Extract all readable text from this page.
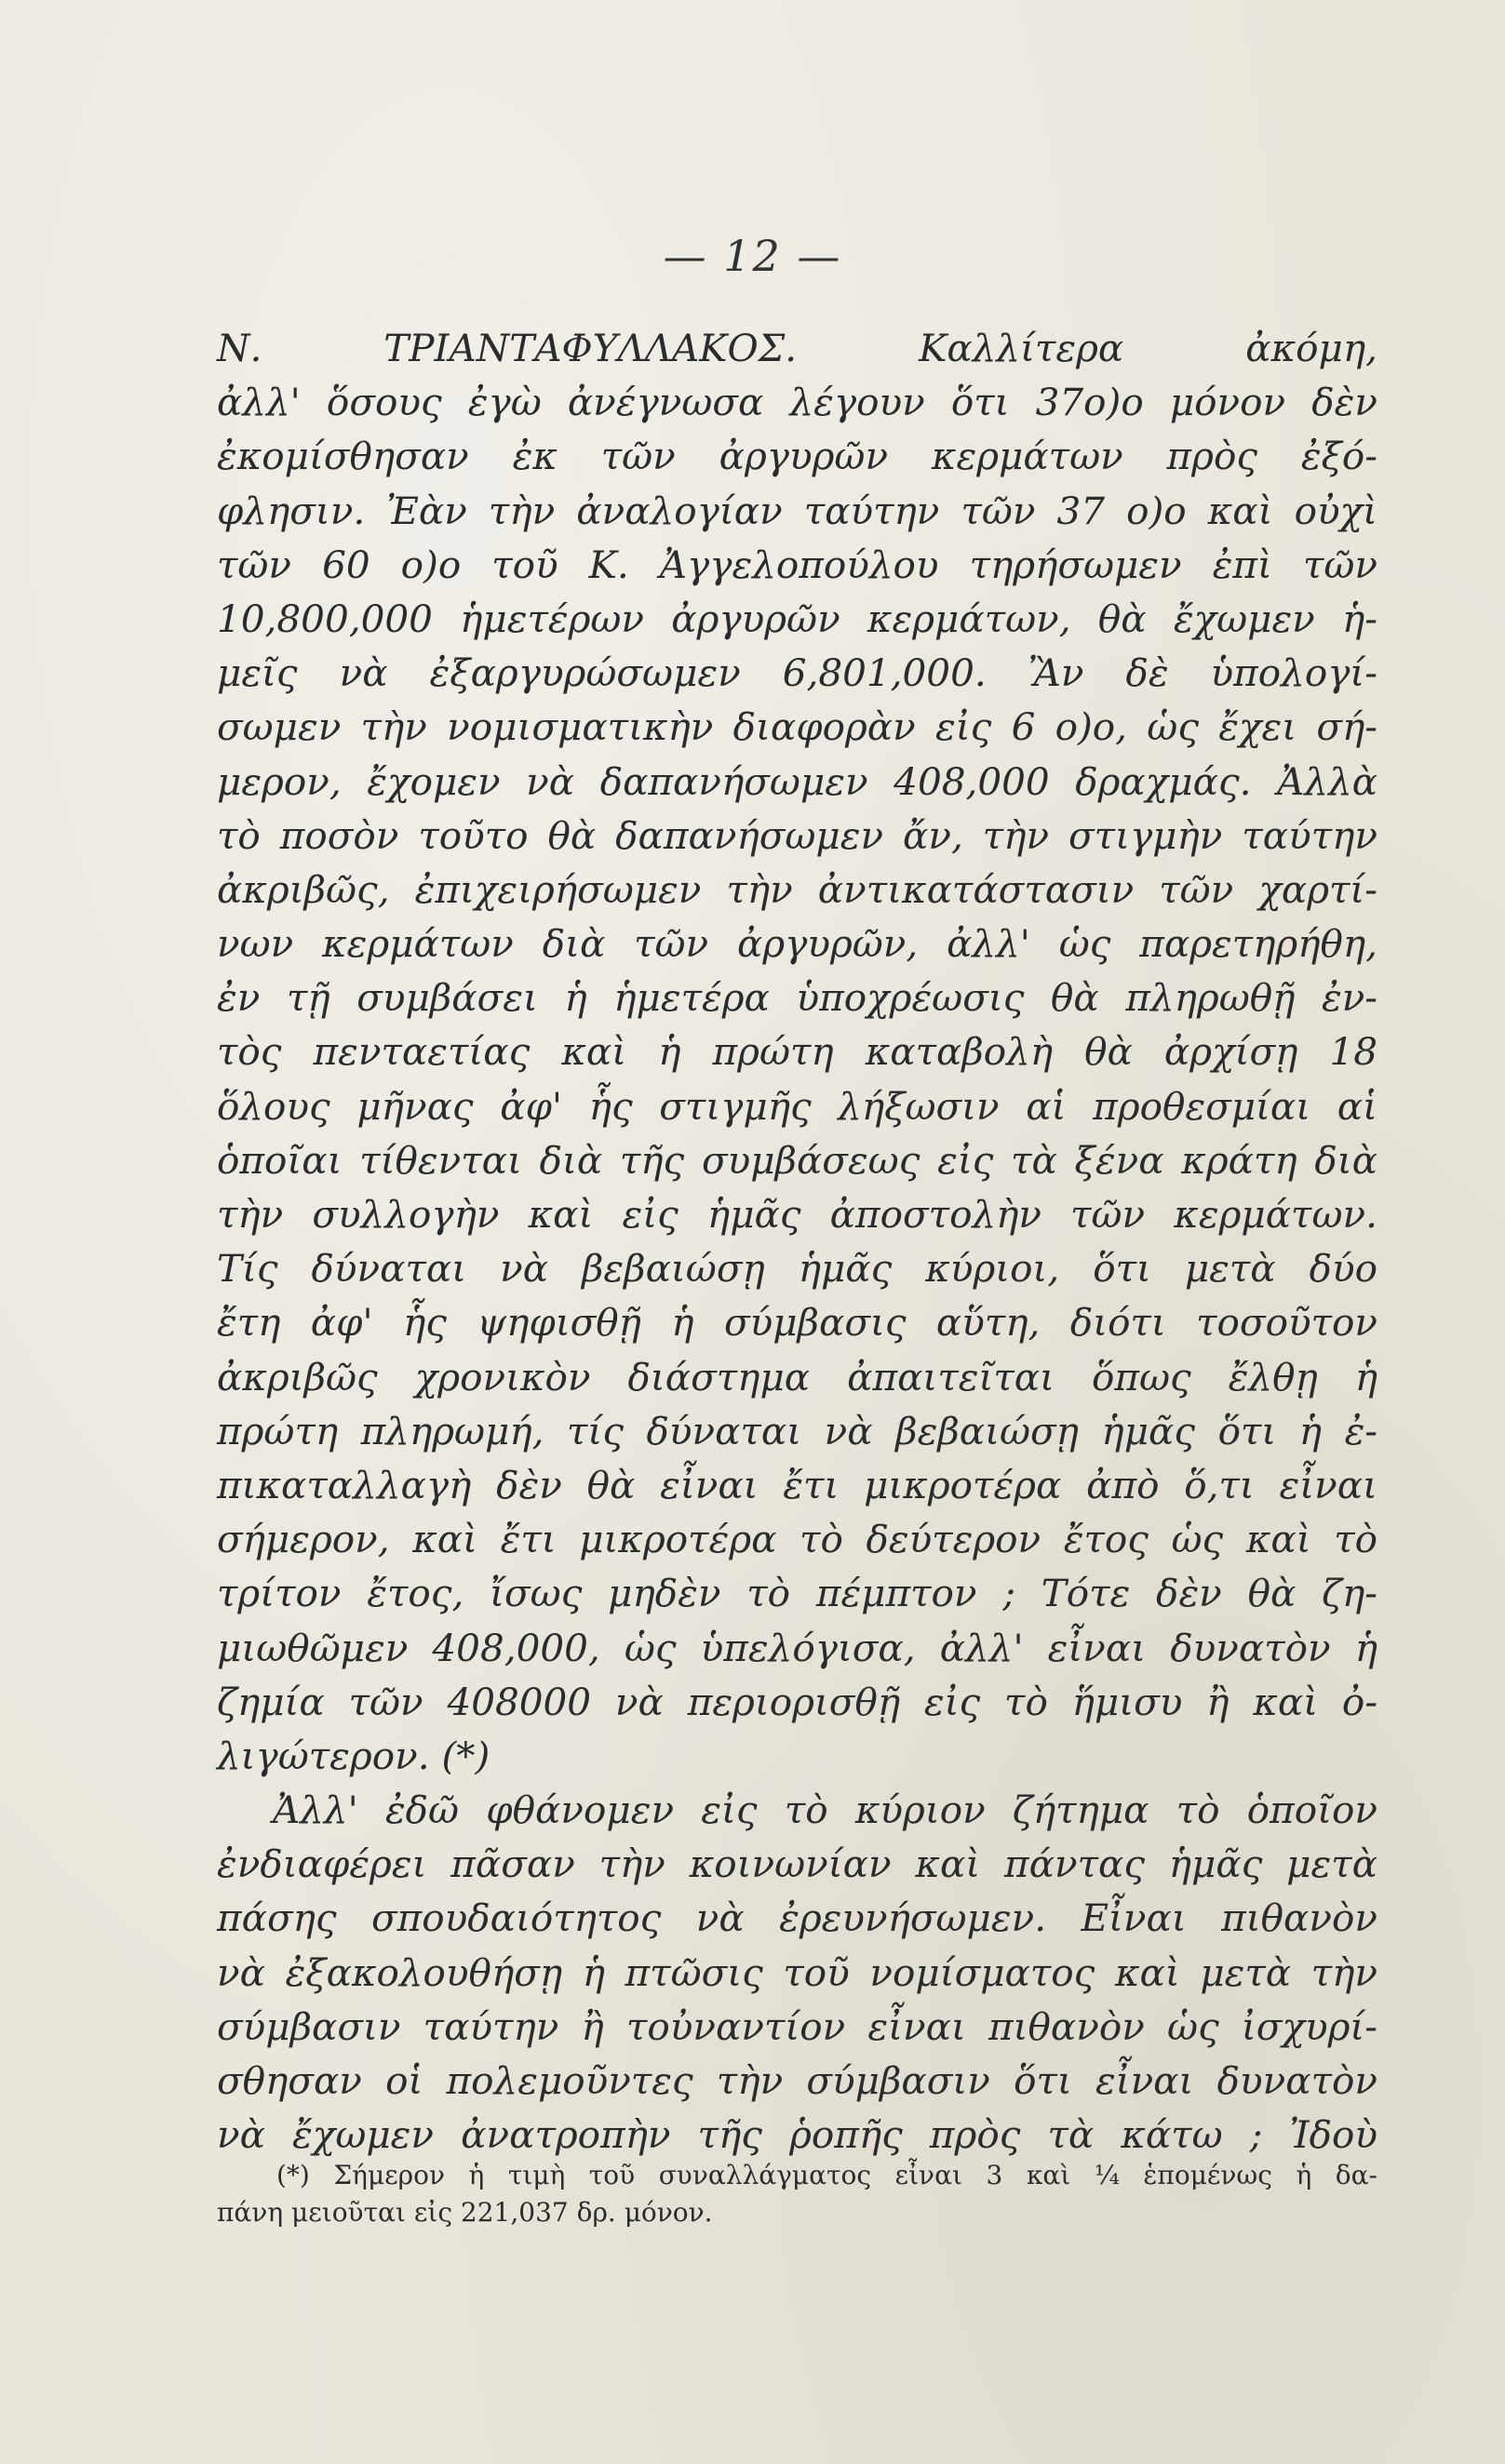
— 12 —
Ν. ΤΡΙΑΝΤΑΦΥΛΛΑΚΟΣ. Καλλίτερα ἀκόμη,
ἀλλ' ὅσους ἐγὼ ἀνέγνωσα λέγουν ὅτι 37ο)ο μόνον δὲν
ἐκομίσθησαν ἐκ τῶν ἀργυρῶν κερμάτων πρὸς ἐξό-
φλησιν. Ἐὰν τὴν ἀναλογίαν ταύτην τῶν 37 ο)ο καὶ οὐχὶ
τῶν 60 ο)ο τοῦ Κ. Ἀγγελοπούλου τηρήσωμεν ἐπὶ τῶν
10,800,000 ἡμετέρων ἀργυρῶν κερμάτων, θὰ ἔχωμεν ἡ-
μεῖς νὰ ἐξαργυρώσωμεν 6,801,000. Ἂν δὲ ὑπολογί-
σωμεν τὴν νομισματικὴν διαφορὰν εἰς 6 ο)ο, ὡς ἔχει σή-
μερον, ἔχομεν νὰ δαπανήσωμεν 408,000 δραχμάς. Ἀλλὰ
τὸ ποσὸν τοῦτο θὰ δαπανήσωμεν ἄν, τὴν στιγμὴν ταύτην
ἀκριβῶς, ἐπιχειρήσωμεν τὴν ἀντικατάστασιν τῶν χαρτί-
νων κερμάτων διὰ τῶν ἀργυρῶν, ἀλλ' ὡς παρετηρήθη,
ἐν τῇ συμβάσει ἡ ἡμετέρα ὑποχρέωσις θὰ πληρωθῇ ἐν-
τὸς πενταετίας καὶ ἡ πρώτη καταβολὴ θὰ ἀρχίσῃ 18
ὅλους μῆνας ἀφ' ἧς στιγμῆς λήξωσιν αἱ προθεσμίαι αἱ
ὁποῖαι τίθενται διὰ τῆς συμβάσεως εἰς τὰ ξένα κράτη διὰ
τὴν συλλογὴν καὶ εἰς ἡμᾶς ἀποστολὴν τῶν κερμάτων.
Τίς δύναται νὰ βεβαιώσῃ ἡμᾶς κύριοι, ὅτι μετὰ δύο
ἔτη ἀφ' ἧς ψηφισθῇ ἡ σύμβασις αὕτη, διότι τοσοῦτον
ἀκριβῶς χρονικὸν διάστημα ἀπαιτεῖται ὅπως ἔλθῃ ἡ
πρώτη πληρωμή, τίς δύναται νὰ βεβαιώσῃ ἡμᾶς ὅτι ἡ ἐ-
πικαταλλαγὴ δὲν θὰ εἶναι ἔτι μικροτέρα ἀπὸ ὅ,τι εἶναι
σήμερον, καὶ ἔτι μικροτέρα τὸ δεύτερον ἔτος ὡς καὶ τὸ
τρίτον ἔτος, ἴσως μηδὲν τὸ πέμπτον ; Τότε δὲν θὰ ζη-
μιωθῶμεν 408,000, ὡς ὑπελόγισα, ἀλλ' εἶναι δυνατὸν ἡ
ζημία τῶν 408000 νὰ περιορισθῇ εἰς τὸ ἥμισυ ἢ καὶ ὀ-
λιγώτερον. (*)
Ἀλλ' ἐδῶ φθάνομεν εἰς τὸ κύριον ζήτημα τὸ ὁποῖον
ἐνδιαφέρει πᾶσαν τὴν κοινωνίαν καὶ πάντας ἡμᾶς μετὰ
πάσης σπουδαιότητος νὰ ἐρευνήσωμεν. Εἶναι πιθανὸν
νὰ ἐξακολουθήσῃ ἡ πτῶσις τοῦ νομίσματος καὶ μετὰ τὴν
σύμβασιν ταύτην ἢ τοὐναντίον εἶναι πιθανὸν ὡς ἰσχυρί-
σθησαν οἱ πολεμοῦντες τὴν σύμβασιν ὅτι εἶναι δυνατὸν
νὰ ἔχωμεν ἀνατροπὴν τῆς ῥοπῆς πρὸς τὰ κάτω ; Ἰδοὺ
(*) Σήμερον ἡ τιμὴ τοῦ συναλλάγματος εἶναι 3 καὶ ¼ ἑπομένως ἡ δα-
πάνη μειοῦται εἰς 221,037 δρ. μόνον.
